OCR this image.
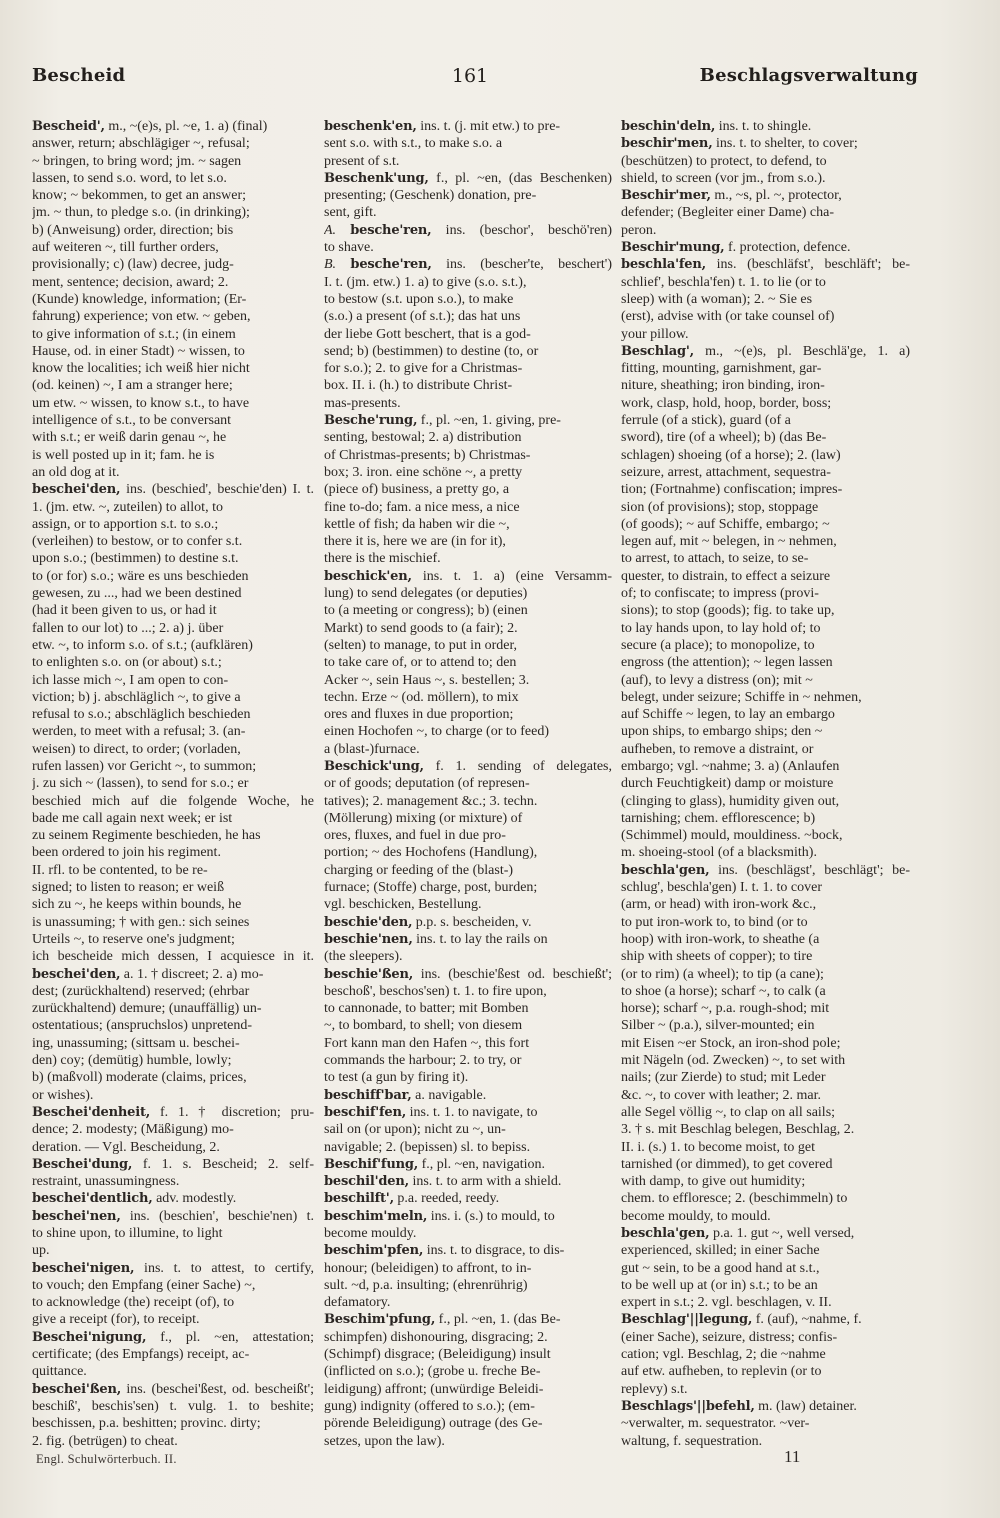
Bescheid	161	Beschlagsverwaltung
Bescheid', m., ~(e)s, pl. ~e, 1. a) (final)
answer, return; abschlägiger ~, refusal;
~ bringen, to bring word; jm. ~ sagen
lassen, to send s.o. word, to let s.o.
know; ~ bekommen, to get an answer;
jm. ~ thun, to pledge s.o. (in drinking);
b) (Anweisung) order, direction; bis
auf weiteren ~, till further orders,
provisionally; c) (law) decree, judg-
ment, sentence; decision, award; 2.
(Kunde) knowledge, information; (Er-
fahrung) experience; von etw. ~ geben,
to give information of s.t.; (in einem
Hause, od. in einer Stadt) ~ wissen, to
know the localities; ich weiß hier nicht
(od. keinen) ~, I am a stranger here;
um etw. ~ wissen, to know s.t., to have
intelligence of s.t., to be conversant
with s.t.; er weiß darin genau ~, he
is well posted up in it; fam. he is
an old dog at it.
beschei'den, ins. (beschied', beschie'den) I. t.
1. (jm. etw. ~, zuteilen) to allot, to
assign, or to apportion s.t. to s.o.;
(verleihen) to bestow, or to confer s.t.
upon s.o.; (bestimmen) to destine s.t.
to (or for) s.o.; wäre es uns beschieden
gewesen, zu ..., had we been destined
(had it been given to us, or had it
fallen to our lot) to ...; 2. a) j. über
etw. ~, to inform s.o. of s.t.; (aufklären)
to enlighten s.o. on (or about) s.t.;
ich lasse mich ~, I am open to con-
viction; b) j. abschläglich ~, to give a
refusal to s.o.; abschläglich beschieden
werden, to meet with a refusal; 3. (an-
weisen) to direct, to order; (vorladen,
rufen lassen) vor Gericht ~, to summon;
j. zu sich ~ (lassen), to send for s.o.; er
beschied mich auf die folgende Woche, he
bade me call again next week; er ist
zu seinem Regimente beschieden, he has
been ordered to join his regiment.
II. rfl. to be contented, to be re-
signed; to listen to reason; er weiß
sich zu ~, he keeps within bounds, he
is unassuming; † with gen.: sich seines
Urteils ~, to reserve one's judgment;
ich bescheide mich dessen, I acquiesce in it.
beschei'den, a. 1. † discreet; 2. a) mo-
dest; (zurückhaltend) reserved; (ehrbar
zurückhaltend) demure; (unauffällig) un-
ostentatious; (anspruchslos) unpretend-
ing, unassuming; (sittsam u. beschei-
den) coy; (demütig) humble, lowly;
b) (maßvoll) moderate (claims, prices,
or wishes).
Beschei'denheit, f. 1. † discretion; pru-
dence; 2. modesty; (Mäßigung) mo-
deration. — Vgl. Bescheidung, 2.
Beschei'dung, f. 1. s. Bescheid; 2. self-
restraint, unassumingness.
beschei'dentlich, adv. modestly.
beschei'nen, ins. (beschien', beschie'nen) t.
to shine upon, to illumine, to light
up.
beschei'nigen, ins. t. to attest, to certify,
to vouch; den Empfang (einer Sache) ~,
to acknowledge (the) receipt (of), to
give a receipt (for), to receipt.
Beschei'nigung, f., pl. ~en, attestation;
certificate; (des Empfangs) receipt, ac-
quittance.
beschei'ßen, ins. (beschei'ßest, od. bescheißt';
beschiß', beschis'sen) t. vulg. 1. to beshite;
beschissen, p.a. beshitten; provinc. dirty;
2. fig. (betrügen) to cheat.
beschenk'en, ins. t. (j. mit etw.) to pre-
sent s.o. with s.t., to make s.o. a
present of s.t.
Beschenk'ung, f., pl. ~en, (das Beschenken)
presenting; (Geschenk) donation, pre-
sent, gift.
A. besche'ren, ins. (beschor', beschö'ren)
to shave.
B. besche'ren, ins. (bescher'te, beschert')
I. t. (jm. etw.) 1. a) to give (s.o. s.t.),
to bestow (s.t. upon s.o.), to make
(s.o.) a present (of s.t.); das hat uns
der liebe Gott beschert, that is a god-
send; b) (bestimmen) to destine (to, or
for s.o.); 2. to give for a Christmas-
box. II. i. (h.) to distribute Christ-
mas-presents.
Besche'rung, f., pl. ~en, 1. giving, pre-
senting, bestowal; 2. a) distribution
of Christmas-presents; b) Christmas-
box; 3. iron. eine schöne ~, a pretty
(piece of) business, a pretty go, a
fine to-do; fam. a nice mess, a nice
kettle of fish; da haben wir die ~,
there it is, here we are (in for it),
there is the mischief.
beschick'en, ins. t. 1. a) (eine Versamm-
lung) to send delegates (or deputies)
to (a meeting or congress); b) (einen
Markt) to send goods to (a fair); 2.
(selten) to manage, to put in order,
to take care of, or to attend to; den
Acker ~, sein Haus ~, s. bestellen; 3.
techn. Erze ~ (od. möllern), to mix
ores and fluxes in due proportion;
einen Hochofen ~, to charge (or to feed)
a (blast-)furnace.
Beschick'ung, f. 1. sending of delegates,
or of goods; deputation (of represen-
tatives); 2. management &c.; 3. techn.
(Möllerung) mixing (or mixture) of
ores, fluxes, and fuel in due pro-
portion; ~ des Hochofens (Handlung),
charging or feeding of the (blast-)
furnace; (Stoffe) charge, post, burden;
vgl. beschicken, Bestellung.
beschie'den, p.p. s. bescheiden, v.
beschie'nen, ins. t. to lay the rails on
(the sleepers).
beschie'ßen, ins. (beschie'ßest od. beschießt';
beschoß', beschos'sen) t. 1. to fire upon,
to cannonade, to batter; mit Bomben
~, to bombard, to shell; von diesem
Fort kann man den Hafen ~, this fort
commands the harbour; 2. to try, or
to test (a gun by firing it).
beschiff'bar, a. navigable.
beschif'fen, ins. t. 1. to navigate, to
sail on (or upon); nicht zu ~, un-
navigable; 2. (bepissen) sl. to bepiss.
Beschif'fung, f., pl. ~en, navigation.
beschil'den, ins. t. to arm with a shield.
beschilft', p.a. reeded, reedy.
beschim'meln, ins. i. (s.) to mould, to
become mouldy.
beschim'pfen, ins. t. to disgrace, to dis-
honour; (beleidigen) to affront, to in-
sult. ~d, p.a. insulting; (ehrenrührig)
defamatory.
Beschim'pfung, f., pl. ~en, 1. (das Be-
schimpfen) dishonouring, disgracing; 2.
(Schimpf) disgrace; (Beleidigung) insult
(inflicted on s.o.); (grobe u. freche Be-
leidigung) affront; (unwürdige Beleidi-
gung) indignity (offered to s.o.); (em-
pörende Beleidigung) outrage (des Ge-
setzes, upon the law).
beschin'deln, ins. t. to shingle.
beschir'men, ins. t. to shelter, to cover;
(beschützen) to protect, to defend, to
shield, to screen (vor jm., from s.o.).
Beschir'mer, m., ~s, pl. ~, protector,
defender; (Begleiter einer Dame) cha-
peron.
Beschir'mung, f. protection, defence.
beschla'fen, ins. (beschläfst', beschläft'; be-
schlief', beschla'fen) t. 1. to lie (or to
sleep) with (a woman); 2. ~ Sie es
(erst), advise with (or take counsel of)
your pillow.
Beschlag', m., ~(e)s, pl. Beschlä'ge, 1. a)
fitting, mounting, garnishment, gar-
niture, sheathing; iron binding, iron-
work, clasp, hold, hoop, border, boss;
ferrule (of a stick), guard (of a
sword), tire (of a wheel); b) (das Be-
schlagen) shoeing (of a horse); 2. (law)
seizure, arrest, attachment, sequestra-
tion; (Fortnahme) confiscation; impres-
sion (of provisions); stop, stoppage
(of goods); ~ auf Schiffe, embargo; ~
legen auf, mit ~ belegen, in ~ nehmen,
to arrest, to attach, to seize, to se-
quester, to distrain, to effect a seizure
of; to confiscate; to impress (provi-
sions); to stop (goods); fig. to take up,
to lay hands upon, to lay hold of; to
secure (a place); to monopolize, to
engross (the attention); ~ legen lassen
(auf), to levy a distress (on); mit ~
belegt, under seizure; Schiffe in ~ nehmen,
auf Schiffe ~ legen, to lay an embargo
upon ships, to embargo ships; den ~
aufheben, to remove a distraint, or
embargo; vgl. ~nahme; 3. a) (Anlaufen
durch Feuchtigkeit) damp or moisture
(clinging to glass), humidity given out,
tarnishing; chem. efflorescence; b)
(Schimmel) mould, mouldiness. ~bock,
m. shoeing-stool (of a blacksmith).
beschla'gen, ins. (beschlägst', beschlägt'; be-
schlug', beschla'gen) I. t. 1. to cover
(arm, or head) with iron-work &c.,
to put iron-work to, to bind (or to
hoop) with iron-work, to sheathe (a
ship with sheets of copper); to tire
(or to rim) (a wheel); to tip (a cane);
to shoe (a horse); scharf ~, to calk (a
horse); scharf ~, p.a. rough-shod; mit
Silber ~ (p.a.), silver-mounted; ein
mit Eisen ~er Stock, an iron-shod pole;
mit Nägeln (od. Zwecken) ~, to set with
nails; (zur Zierde) to stud; mit Leder
&c. ~, to cover with leather; 2. mar.
alle Segel völlig ~, to clap on all sails;
3. † s. mit Beschlag belegen, Beschlag, 2.
II. i. (s.) 1. to become moist, to get
tarnished (or dimmed), to get covered
with damp, to give out humidity;
chem. to effloresce; 2. (beschimmeln) to
become mouldy, to mould.
beschla'gen, p.a. 1. gut ~, well versed,
experienced, skilled; in einer Sache
gut ~ sein, to be a good hand at s.t.,
to be well up at (or in) s.t.; to be an
expert in s.t.; 2. vgl. beschlagen, v. II.
Beschlag'||legung, f. (auf), ~nahme, f.
(einer Sache), seizure, distress; confis-
cation; vgl. Beschlag, 2; die ~nahme
auf etw. aufheben, to replevin (or to
replevy) s.t.
Beschlags'||befehl, m. (law) detainer.
~verwalter, m. sequestrator. ~ver-
waltung, f. sequestration.
Engl. Schulwörterbuch. II.	11
